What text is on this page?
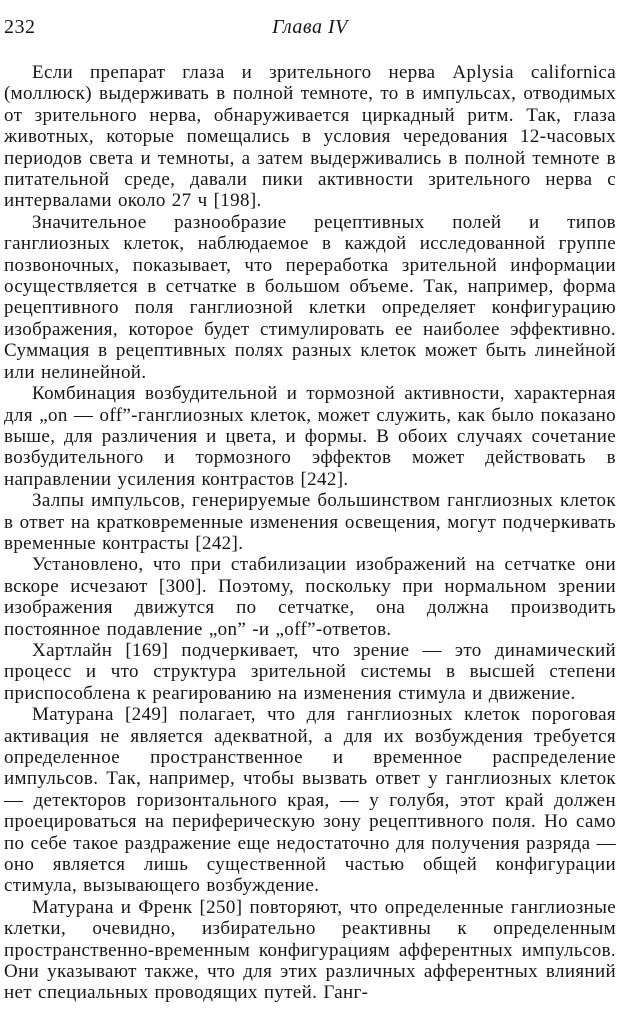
232	Глава IV

Если препарат глаза и зрительного нерва Aplysia californica (моллюск) выдерживать в полной темноте, то в импульсах, отводимых от зрительного нерва, обнаруживается циркадный ритм. Так, глаза животных, которые помещались в условия чередования 12-часовых периодов света и темноты, а затем выдерживались в полной темноте в питательной среде, давали пики активности зрительного нерва с интервалами около 27 ч [198].

Значительное разнообразие рецептивных полей и типов ганглиозных клеток, наблюдаемое в каждой исследованной группе позвоночных, показывает, что переработка зрительной информации осуществляется в сетчатке в большом объеме. Так, например, форма рецептивного поля ганглиозной клетки определяет конфигурацию изображения, которое будет стимулировать ее наиболее эффективно. Суммация в рецептивных полях разных клеток может быть линейной или нелинейной.

Комбинация возбудительной и тормозной активности, характерная для „on — off”-ганглиозных клеток, может служить, как было показано выше, для различения и цвета, и формы. В обоих случаях сочетание возбудительного и тормозного эффектов может действовать в направлении усиления контрастов [242].

Залпы импульсов, генерируемые большинством ганглиозных клеток в ответ на кратковременные изменения освещения, могут подчеркивать временные контрасты [242].

Установлено, что при стабилизации изображений на сетчатке они вскоре исчезают [300]. Поэтому, поскольку при нормальном зрении изображения движутся по сетчатке, она должна производить постоянное подавление „on” -и „off”-ответов.

Хартлайн [169] подчеркивает, что зрение — это динамический процесс и что структура зрительной системы в высшей степени приспособлена к реагированию на изменения стимула и движение.

Матурана [249] полагает, что для ганглиозных клеток пороговая активация не является адекватной, а для их возбуждения требуется определенное пространственное и временное распределение импульсов. Так, например, чтобы вызвать ответ у ганглиозных клеток — детекторов горизонтального края, — у голубя, этот край должен проецироваться на периферическую зону рецептивного поля. Но само по себе такое раздражение еще недостаточно для получения разряда — оно является лишь существенной частью общей конфигурации стимула, вызывающего возбуждение.

Матурана и Френк [250] повторяют, что определенные ганглиозные клетки, очевидно, избирательно реактивны к определенным пространственно-временным конфигурациям афферентных импульсов. Они указывают также, что для этих различных афферентных влияний нет специальных проводящих путей. Ганг-
